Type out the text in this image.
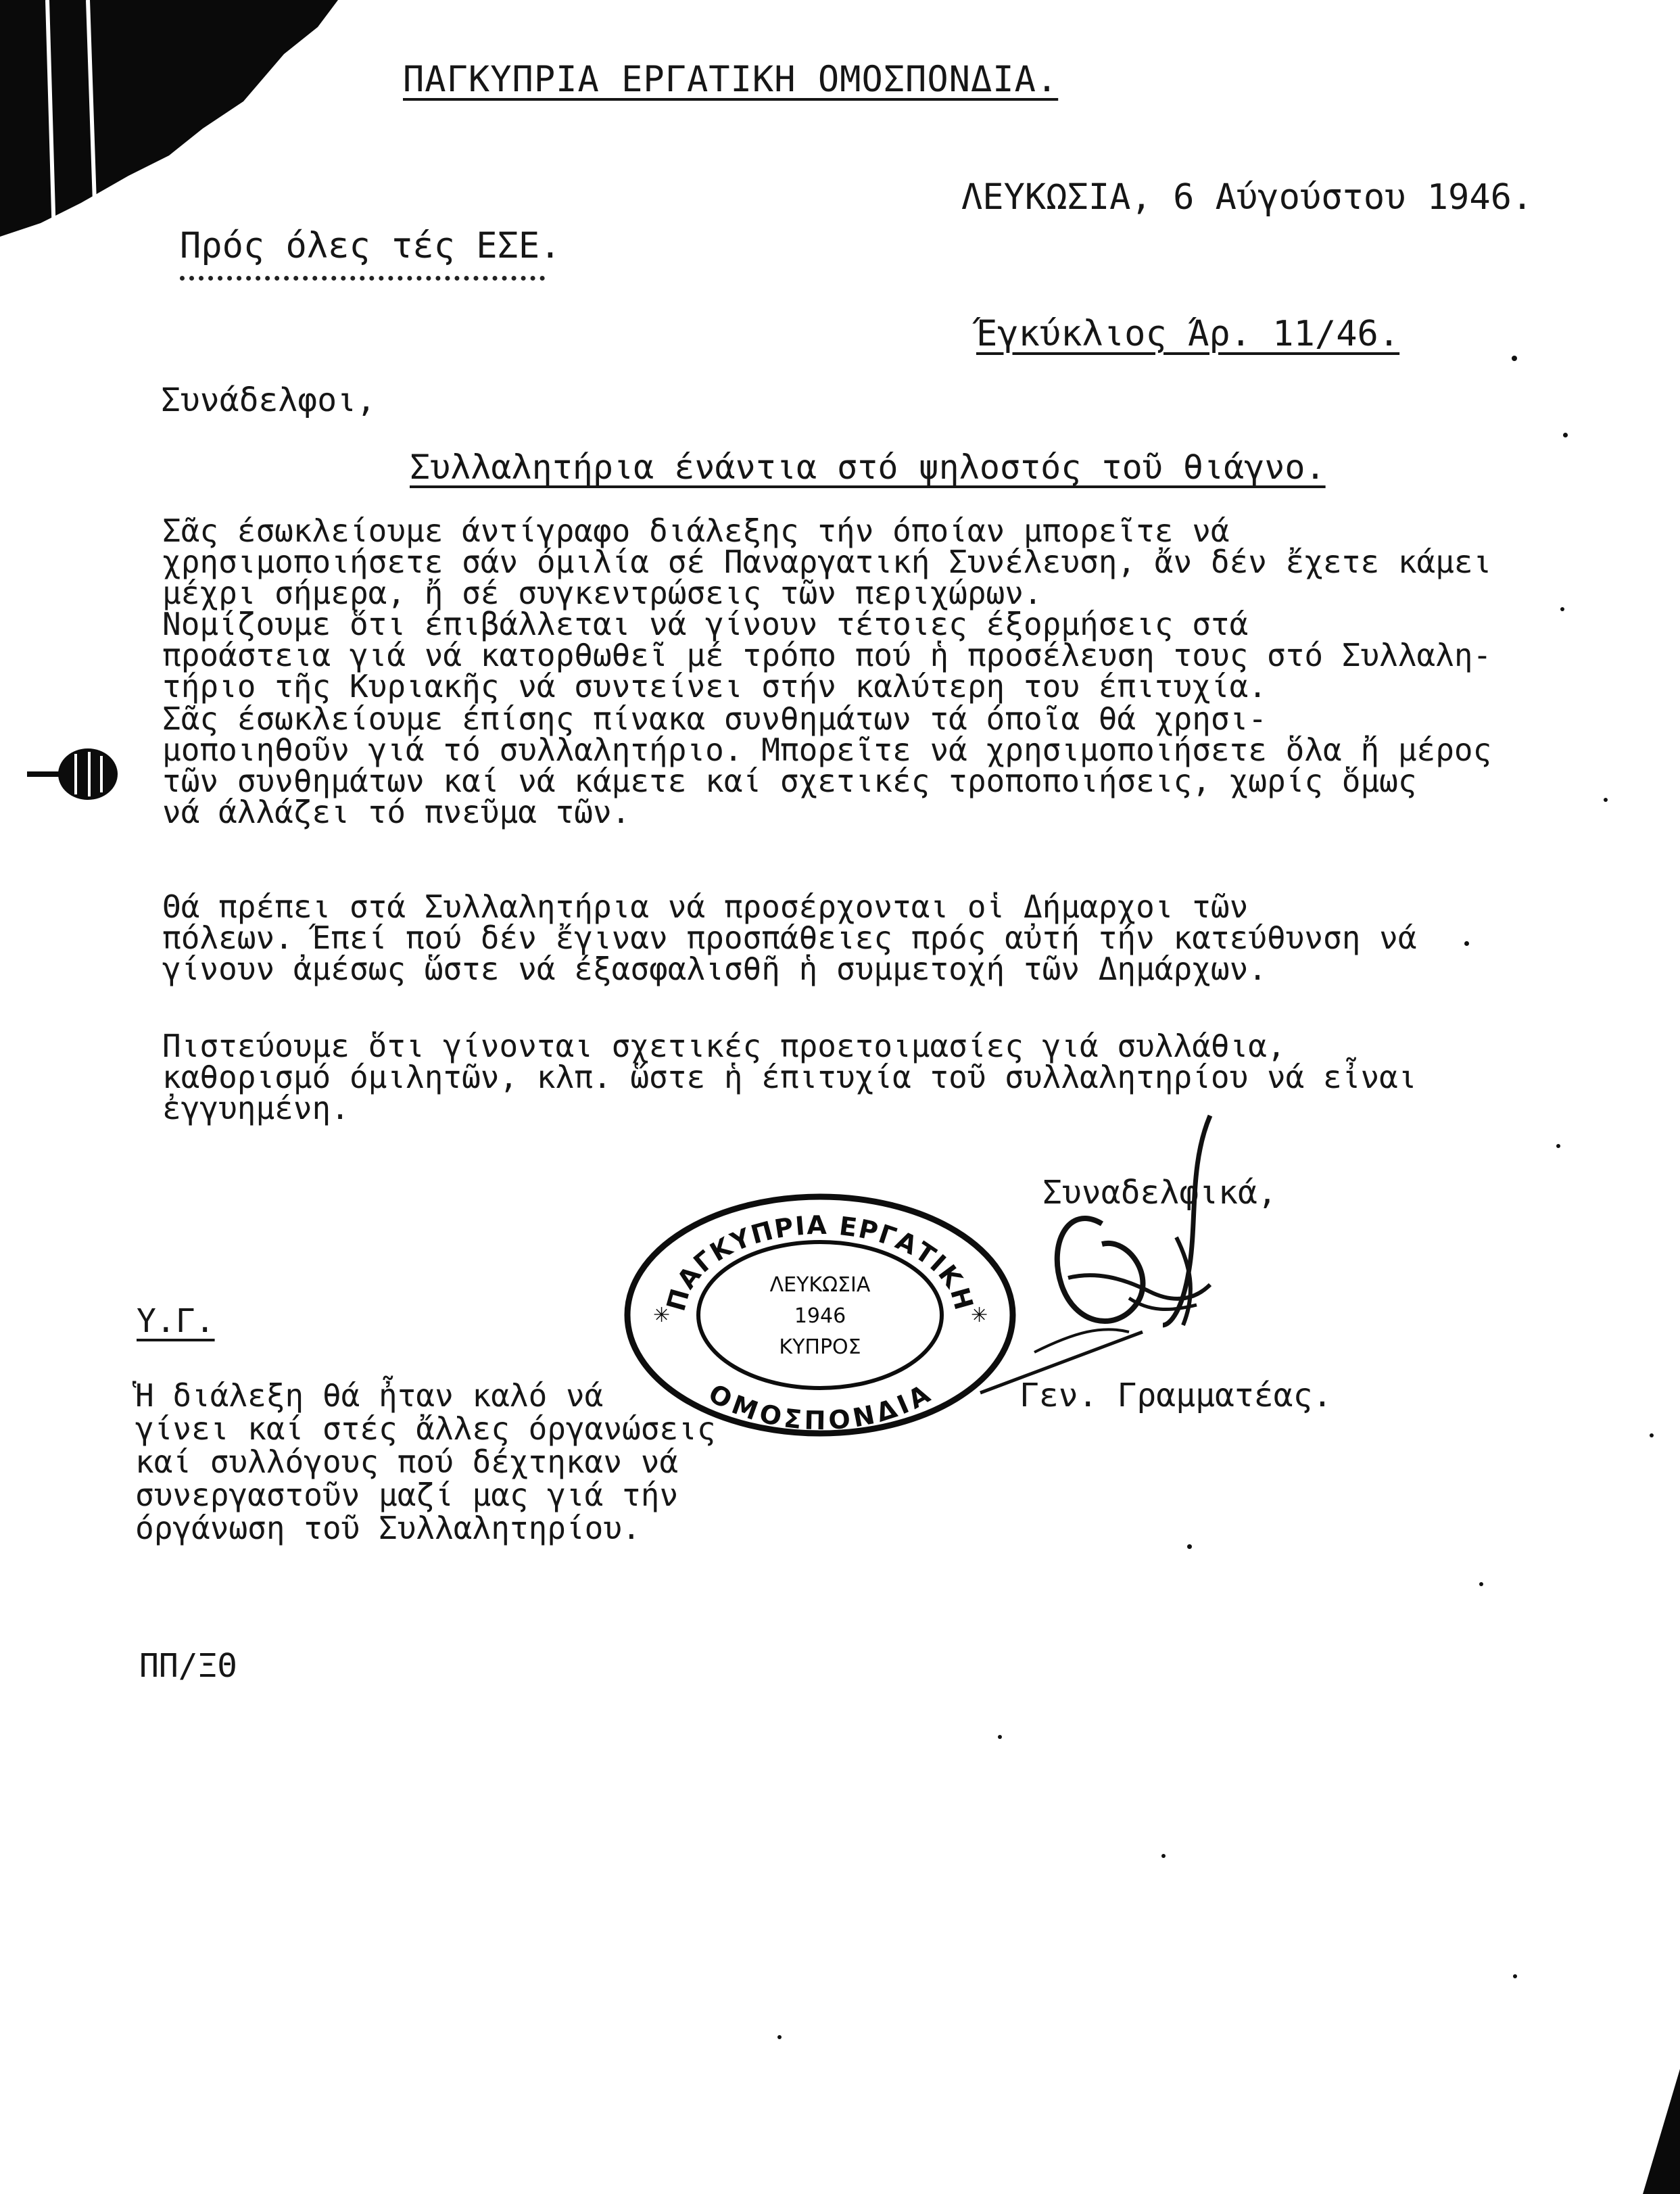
ΠΑΓΚΥΠΡΙΑ ΕΡΓΑΤΙΚΗ ΟΜΟΣΠΟΝΔΙΑ.
ΛΕΥΚΩΣΙΑ, 6 Αύγούστου 1946.
Πρός όλες τές ΕΣΕ.
Έγκύκλιος Άρ. 11/46.
Συνάδελφοι,
Συλλαλητήρια ένάντια στό ψηλοστός τοῦ θιάγνο.
Σᾶς έσωκλείουμε άντίγραφο διάλεξης τήν όποίαν μπορεῖτε νά
χρησιμοποιήσετε σάν όμιλία σέ Παναργατική Συνέλευση, ἄν δέν ἔχετε κάμει
μέχρι σήμερα, ἤ σέ συγκεντρώσεις τῶν περιχώρων.
Νομίζουμε ὅτι έπιβάλλεται νά γίνουν τέτοιες έξορμήσεις στά
προάστεια γιά νά κατορθωθεῖ μέ τρόπο πού ἡ προσέλευση τους στό Συλλαλη-
τήριο τῆς Κυριακῆς νά συντείνει στήν καλύτερη του έπιτυχία.
Σᾶς έσωκλείουμε έπίσης πίνακα συνθημάτων τά όποῖα θά χρησι-
μοποιηθοῦν γιά τό συλλαλητήριο. Μπορεῖτε νά χρησιμοποιήσετε ὅλα ἤ μέρος
τῶν συνθημάτων καί νά κάμετε καί σχετικές τροποποιήσεις, χωρίς ὅμως
νά άλλάζει τό πνεῦμα τῶν.
Θά πρέπει στά Συλλαλητήρια νά προσέρχονται οἱ Δήμαρχοι τῶν
πόλεων. Έπεί πού δέν ἔγιναν προσπάθειες πρός αὐτή τήν κατεύθυνση νά
γίνουν ἀμέσως ὥστε νά έξασφαλισθῆ ἡ συμμετοχή τῶν Δημάρχων.
Πιστεύουμε ὅτι γίνονται σχετικές προετοιμασίες γιά συλλάθια,
καθορισμό όμιλητῶν, κλπ. ὥστε ἡ έπιτυχία τοῦ συλλαλητηρίου νά εἶναι
ἐγγυημένη.
Συναδελφικά,
Γεν. Γραμματέας.
ΠΑΓΚΥΠΡΙΑ ΕΡΓΑΤΙΚΗ
ΟΜΟΣΠΟΝΔΙΑ
ΛΕΥΚΩΣΙΑ
1946
ΚΥΠΡΟΣ
✳	✳
Υ.Γ.
Ἡ διάλεξη θά ἦταν καλό νά
γίνει καί στές ἄλλες όργανώσεις
καί συλλόγους πού δέχτηκαν νά
συνεργαστοῦν μαζί μας γιά τήν
όργάνωση τοῦ Συλλαλητηρίου.
ΠΠ/ΞΘ
